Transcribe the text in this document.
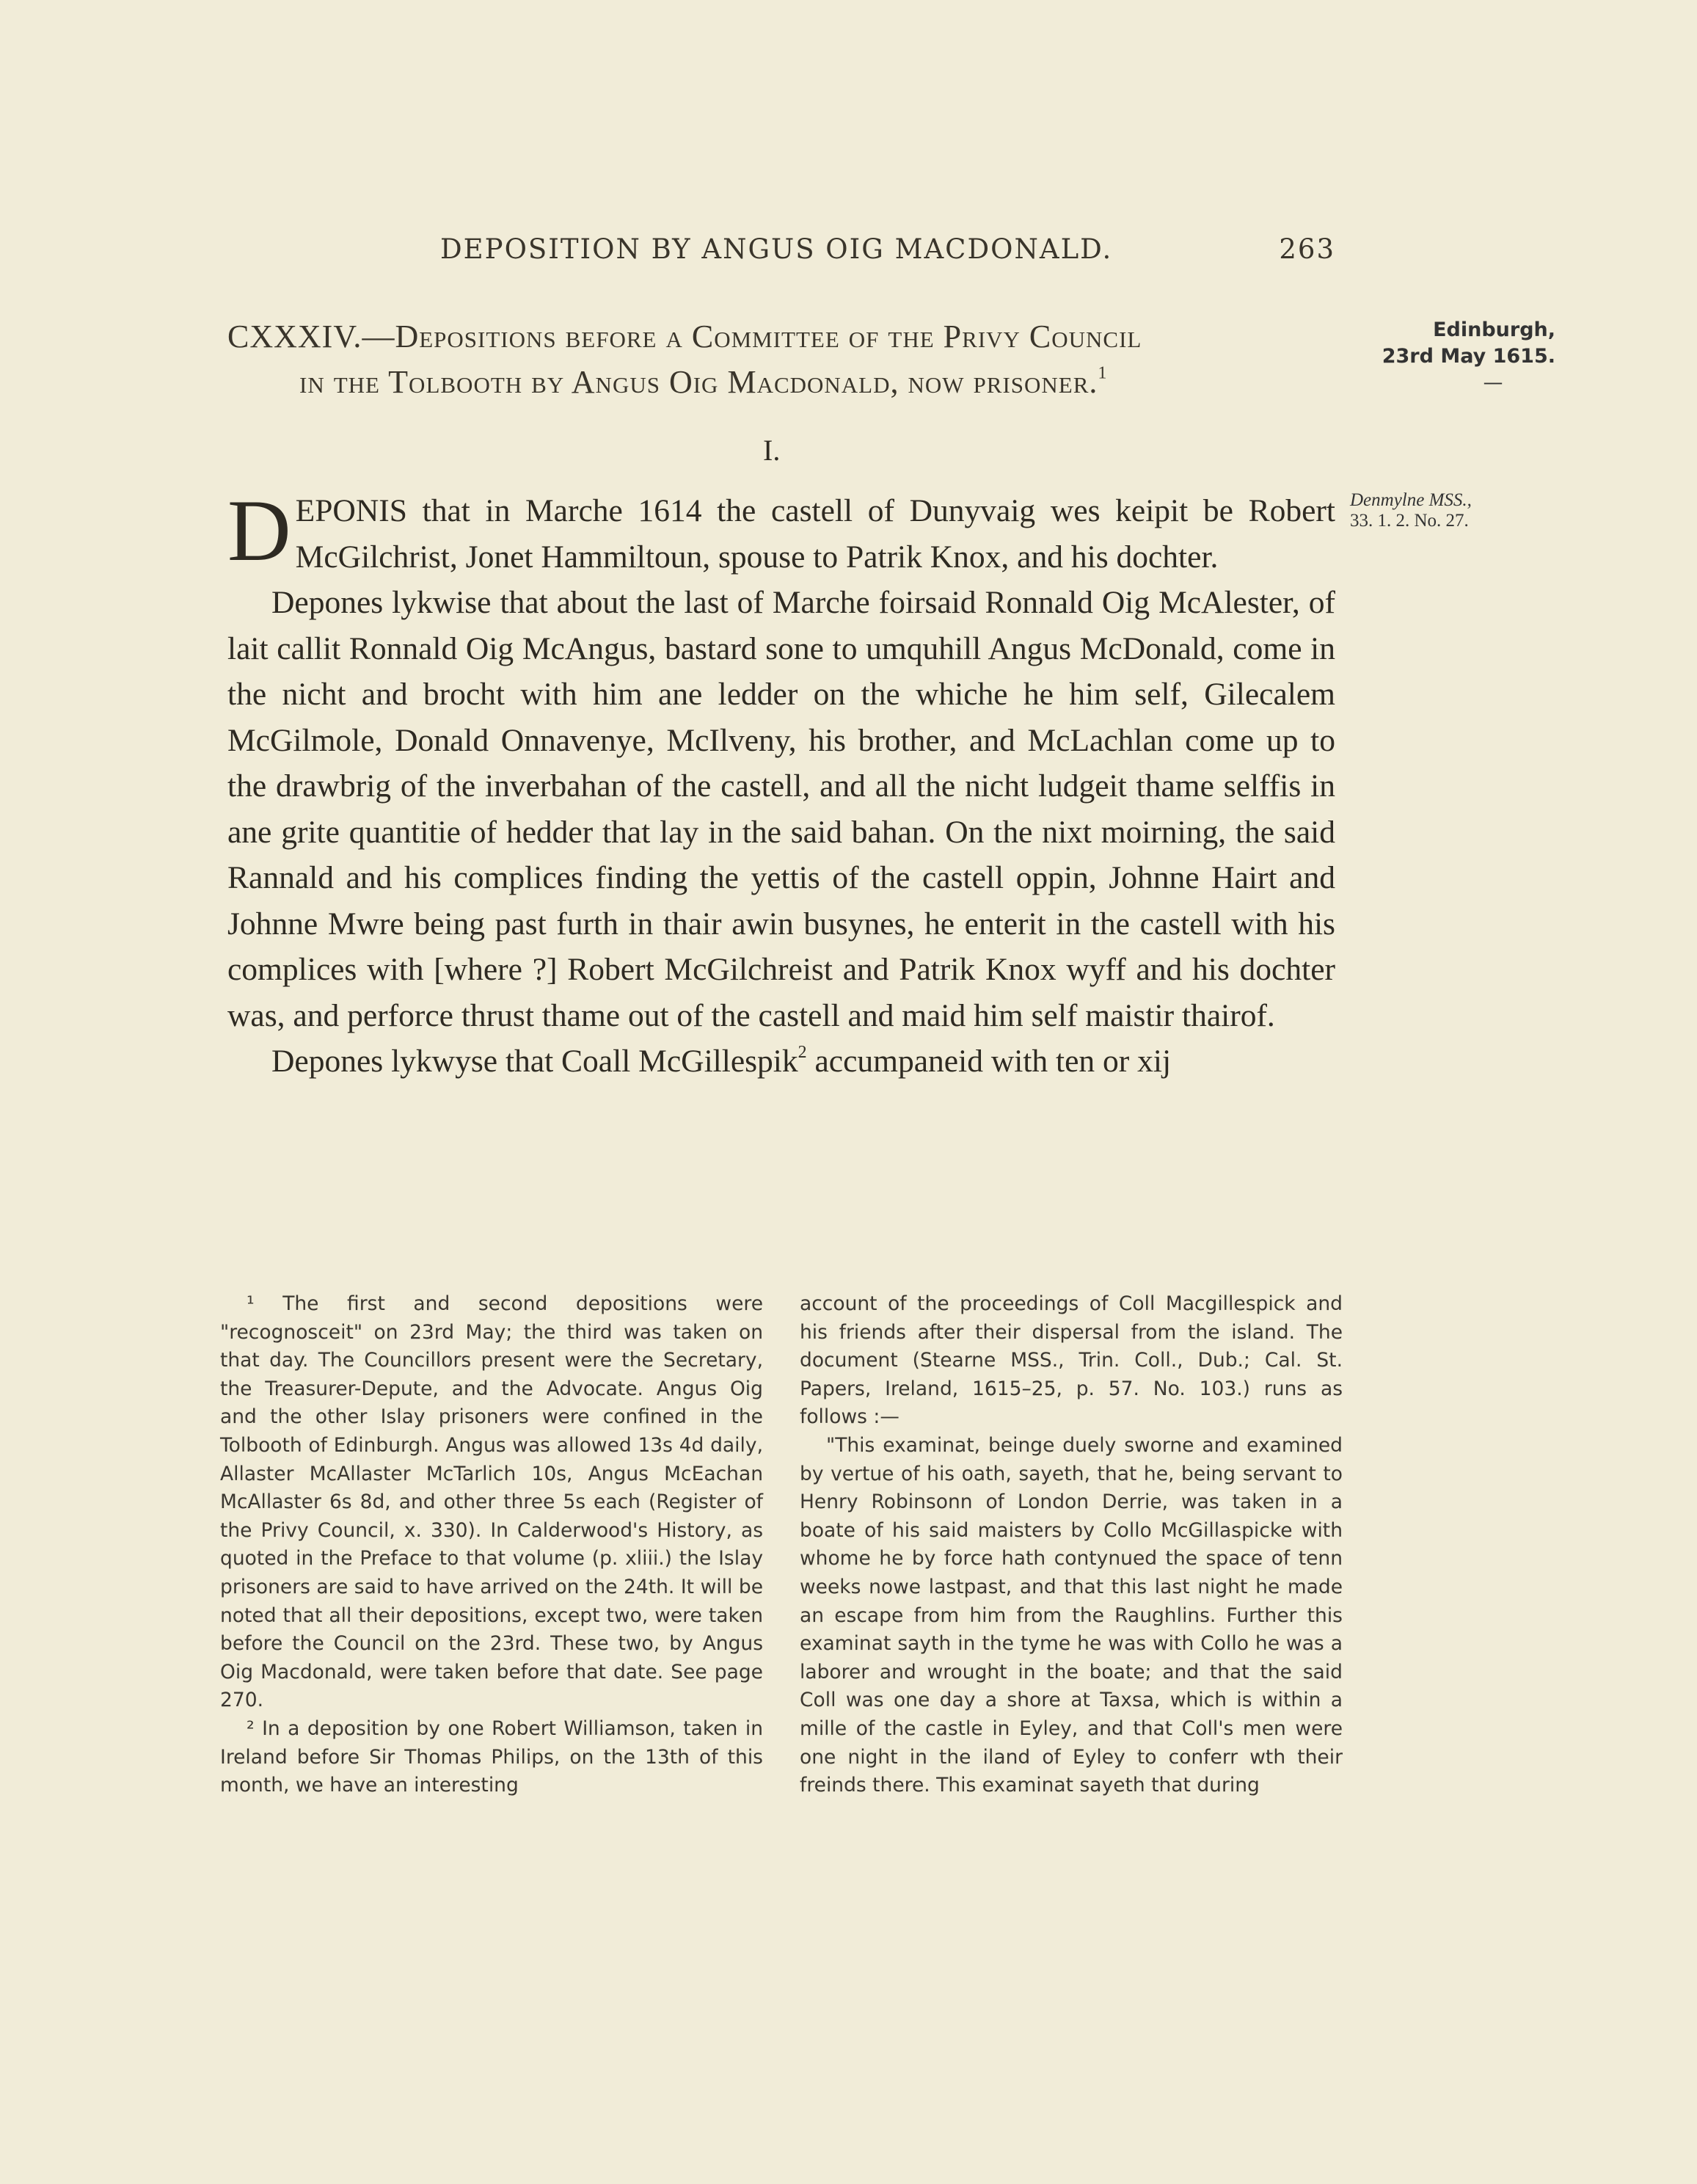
DEPOSITION BY ANGUS OIG MACDONALD.	263
CXXXIV.—Depositions before a Committee of the Privy Council
in the Tolbooth by Angus Oig Macdonald, now prisoner.$^1$
Edinburgh,
23rd May 1615.
—
I.
Denmylne MSS.,
33. 1. 2. No. 27.

DEPONIS that in Marche 1614 the castell of Dunyvaig wes keipit be Robert McGilchrist, Jonet Hammiltoun, spouse to Patrik Knox, and his dochter.

Depones lykwise that about the last of Marche foirsaid Ronnald Oig McAlester, of lait callit Ronnald Oig McAngus, bastard sone to umquhill Angus McDonald, come in the nicht and brocht with him ane ledder on the whiche he him self, Gilecalem McGilmole, Donald Onnavenye, McIlveny, his brother, and McLachlan come up to the drawbrig of the inverbahan of the castell, and all the nicht ludgeit thame selffis in ane grite quantitie of hedder that lay in the said bahan. On the nixt moirning, the said Rannald and his complices finding the yettis of the castell oppin, Johnne Hairt and Johnne Mwre being past furth in thair awin busynes, he enterit in the castell with his complices with [where ?] Robert McGilchreist and Patrik Knox wyff and his dochter was, and perforce thrust thame out of the castell and maid him self maistir thairof.

Depones lykwyse that Coall McGillespik$^2$ accumpaneid with ten or xij

¹ The first and second depositions were "recognosceit" on 23rd May; the third was taken on that day. The Councillors present were the Secretary, the Treasurer-Depute, and the Advocate. Angus Oig and the other Islay prisoners were confined in the Tolbooth of Edinburgh. Angus was allowed 13s 4d daily, Allaster McAllaster McTarlich 10s, Angus McEachan McAllaster 6s 8d, and other three 5s each (Register of the Privy Council, x. 330). In Calderwood's History, as quoted in the Preface to that volume (p. xliii.) the Islay prisoners are said to have arrived on the 24th. It will be noted that all their depositions, except two, were taken before the Council on the 23rd. These two, by Angus Oig Macdonald, were taken before that date. See page 270.

² In a deposition by one Robert Williamson, taken in Ireland before Sir Thomas Philips, on the 13th of this month, we have an interesting

account of the proceedings of Coll Macgillespick and his friends after their dispersal from the island. The document (Stearne MSS., Trin. Coll., Dub.; Cal. St. Papers, Ireland, 1615–25, p. 57. No. 103.) runs as follows :—

"This examinat, beinge duely sworne and examined by vertue of his oath, sayeth, that he, being servant to Henry Robinsonn of London Derrie, was taken in a boate of his said maisters by Collo McGillaspicke with whome he by force hath contynued the space of tenn weeks nowe lastpast, and that this last night he made an escape from him from the Raughlins. Further this examinat sayth in the tyme he was with Collo he was a laborer and wrought in the boate; and that the said Coll was one day a shore at Taxsa, which is within a mille of the castle in Eyley, and that Coll's men were one night in the iland of Eyley to conferr wth their freinds there. This examinat sayeth that during
